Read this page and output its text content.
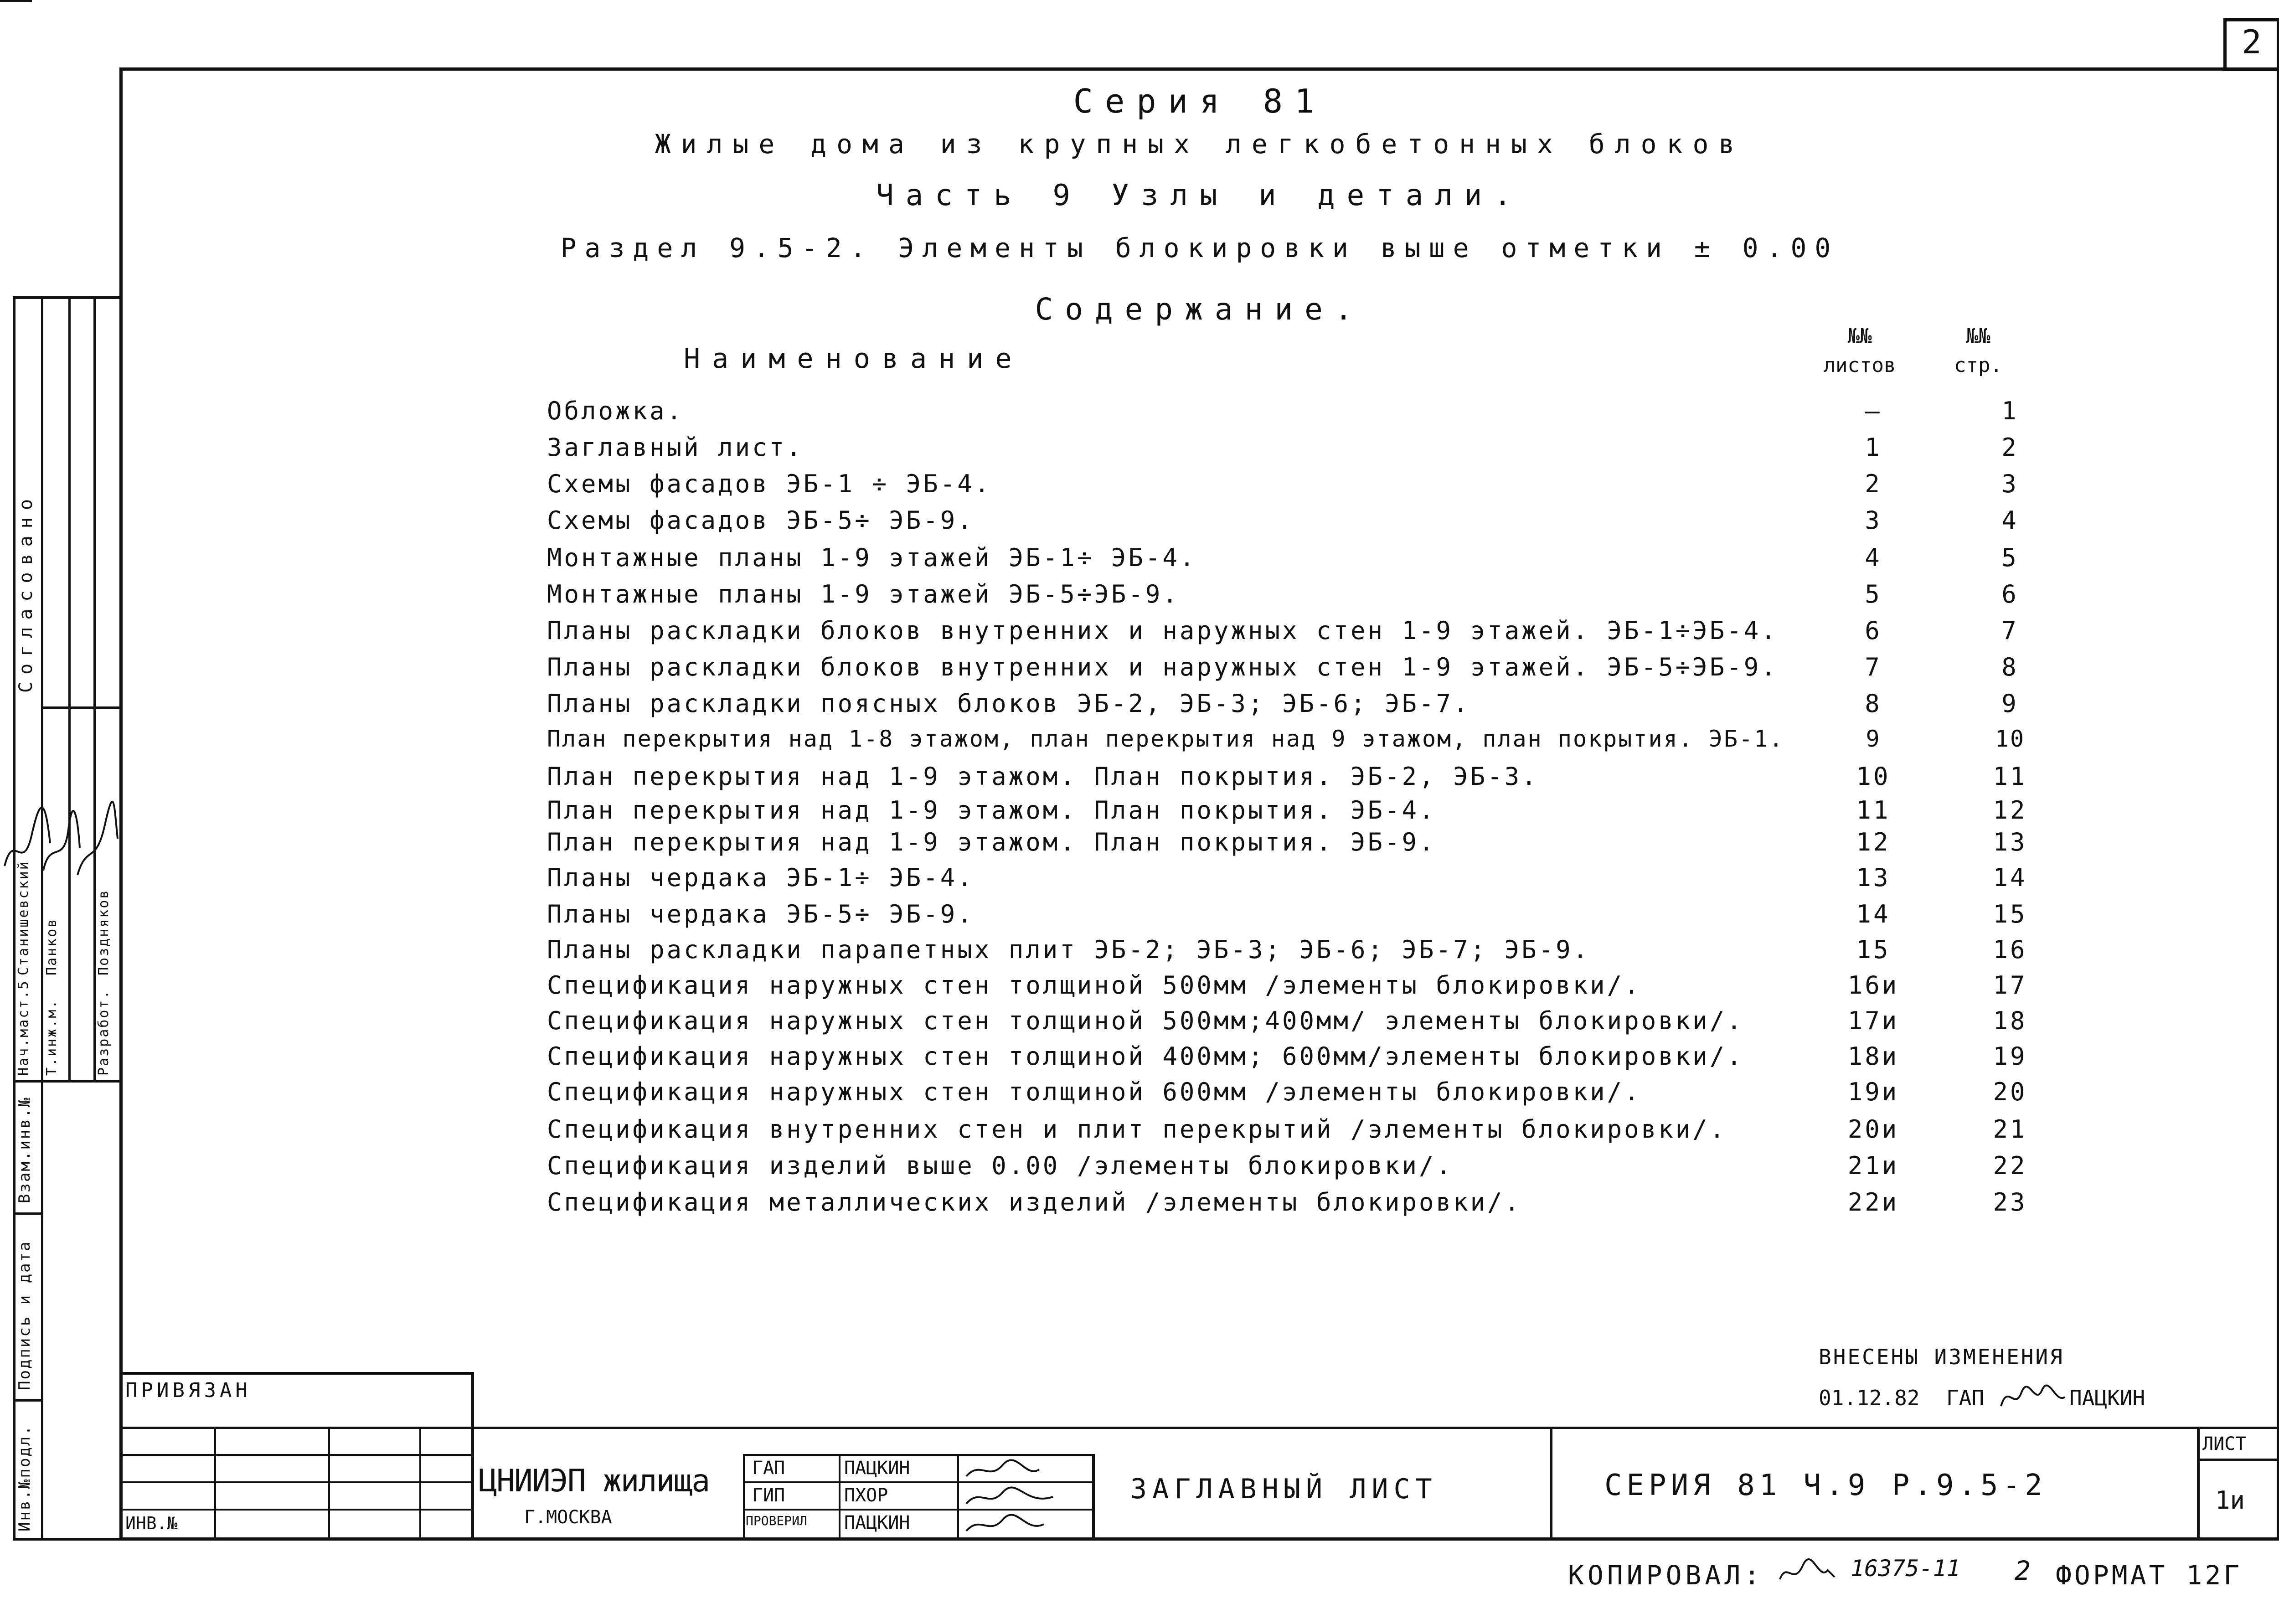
2
Серия 81
Жилые дома из крупных легкобетонных блоков
Часть 9 Узлы и детали.
Раздел 9.5-2. Элементы блокировки выше отметки ± 0.00
Содержание.
Наименование
№№
листов
№№
стр.
Обложка.	—	1
Заглавный лист.	1	2
Схемы фасадов ЭБ-1 ÷ ЭБ-4.	2	3
Схемы фасадов ЭБ-5÷ ЭБ-9.	3	4
Монтажные планы 1-9 этажей ЭБ-1÷ ЭБ-4.	4	5
Монтажные планы 1-9 этажей ЭБ-5÷ЭБ-9.	5	6
Планы раскладки блоков внутренних и наружных стен 1-9 этажей. ЭБ-1÷ЭБ-4.	6	7
Планы раскладки блоков внутренних и наружных стен 1-9 этажей. ЭБ-5÷ЭБ-9.	7	8
Планы раскладки поясных блоков ЭБ-2, ЭБ-3; ЭБ-6; ЭБ-7.	8	9
План перекрытия над 1-8 этажом, план перекрытия над 9 этажом, план покрытия. ЭБ-1.	9	10
План перекрытия над 1-9 этажом. План покрытия. ЭБ-2, ЭБ-3.	10	11
План перекрытия над 1-9 этажом. План покрытия. ЭБ-4.	11	12
План перекрытия над 1-9 этажом. План покрытия. ЭБ-9.	12	13
Планы чердака ЭБ-1÷ ЭБ-4.	13	14
Планы чердака ЭБ-5÷ ЭБ-9.	14	15
Планы раскладки парапетных плит ЭБ-2; ЭБ-3; ЭБ-6; ЭБ-7; ЭБ-9.	15	16
Спецификация наружных стен толщиной 500мм /элементы блокировки/.	16и	17
Спецификация наружных стен толщиной 500мм;400мм/ элементы блокировки/.	17и	18
Спецификация наружных стен толщиной 400мм; 600мм/элементы блокировки/.	18и	19
Спецификация наружных стен толщиной 600мм /элементы блокировки/.	19и	20
Спецификация внутренних стен и плит перекрытий /элементы блокировки/.	20и	21
Спецификация изделий выше 0.00 /элементы блокировки/.	21и	22
Спецификация металлических изделий /элементы блокировки/.	22и	23
ВНЕСЕНЫ ИЗМЕНЕНИЯ
01.12.82 ГАП	ПАЦКИН
Согласовано
Нач.маст.5 Т.инж.м.	Разработ.
Станишевский Панков	Поздняков
Взам.инв.№
Подпись и дата
Инв.№подл.
ПРИВЯЗАН
ИНВ.№
ЦНИИЭП жилища
Г.МОСКВА
ГАП
ГИП
ПРОВЕРИЛ
ПАЦКИН
ПХОР
ПАЦКИН
ЗАГЛАВНЫЙ ЛИСТ	СЕРИЯ 81 Ч.9 Р.9.5-2
ЛИСТ
1и
КОПИРОВАЛ:	16375-11 2 ФОРМАТ 12Г
